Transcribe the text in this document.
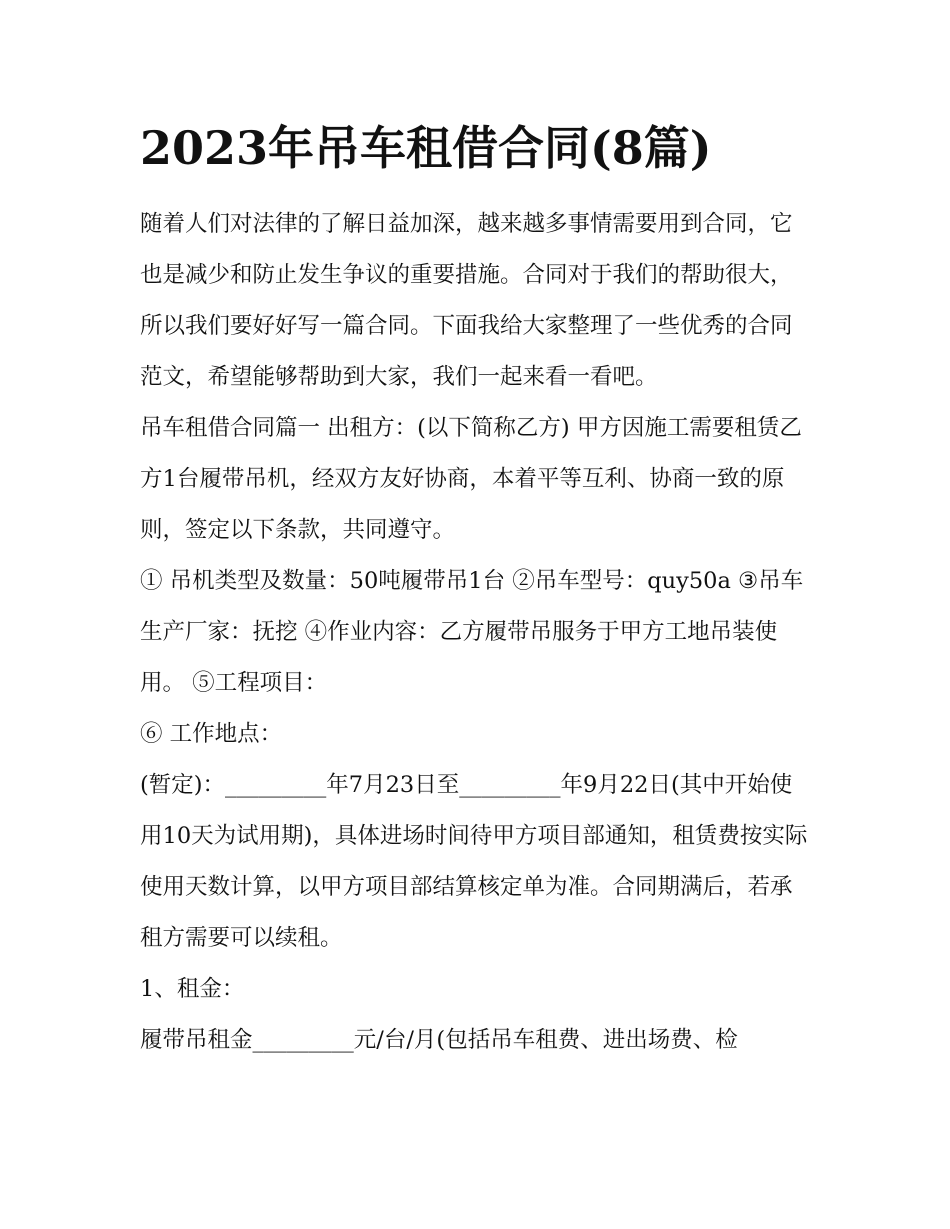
2023年吊车租借合同(8篇)

随着人们对法律的了解日益加深，越来越多事情需要用到合同，它也是减少和防止发生争议的重要措施。合同对于我们的帮助很大，所以我们要好好写一篇合同。下面我给大家整理了一些优秀的合同范文，希望能够帮助到大家，我们一起来看一看吧。

吊车租借合同篇一 出租方：(以下简称乙方) 甲方因施工需要租赁乙方1台履带吊机，经双方友好协商，本着平等互利、协商一致的原则，签定以下条款，共同遵守。

① 吊机类型及数量：50吨履带吊1台 ②吊车型号：quy50a ③吊车生产厂家：抚挖 ④作业内容：乙方履带吊服务于甲方工地吊装使用。 ⑤工程项目：

⑥ 工作地点：

(暂定)：_________年7月23日至_________年9月22日(其中开始使用10天为试用期)，具体进场时间待甲方项目部通知，租赁费按实际使用天数计算，以甲方项目部结算核定单为准。合同期满后，若承租方需要可以续租。

1、租金：

履带吊租金_________元/台/月(包括吊车租费、进出场费、检
